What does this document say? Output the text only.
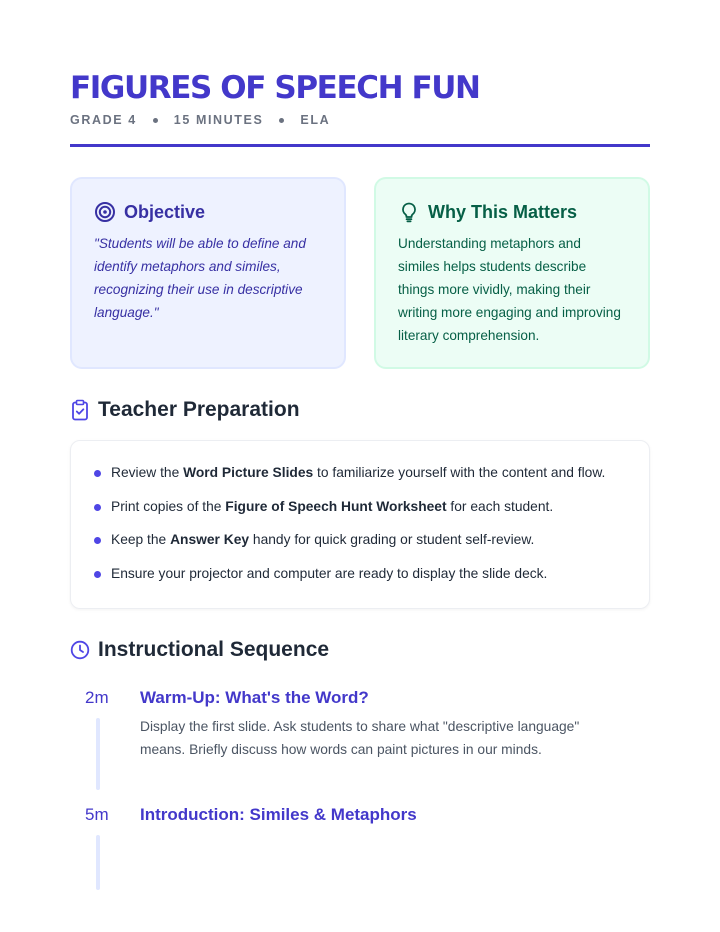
FIGURES OF SPEECH FUN
GRADE 4	15 MINUTES	ELA
Objective

"Students will be able to define and identify metaphors and similes, recognizing their use in descriptive language."

Why This Matters

Understanding metaphors and similes helps students describe things more vividly, making their writing more engaging and improving literary comprehension.

Teacher Preparation
Review the Word Picture Slides to familiarize yourself with the content and flow.
Print copies of the Figure of Speech Hunt Worksheet for each student.
Keep the Answer Key handy for quick grading or student self-review.
Ensure your projector and computer are ready to display the slide deck.
Instructional Sequence
2m Warm-Up: What's the Word?

Display the first slide. Ask students to share what "descriptive language" means. Briefly discuss how words can paint pictures in our minds.

5m Introduction: Similes & Metaphors
